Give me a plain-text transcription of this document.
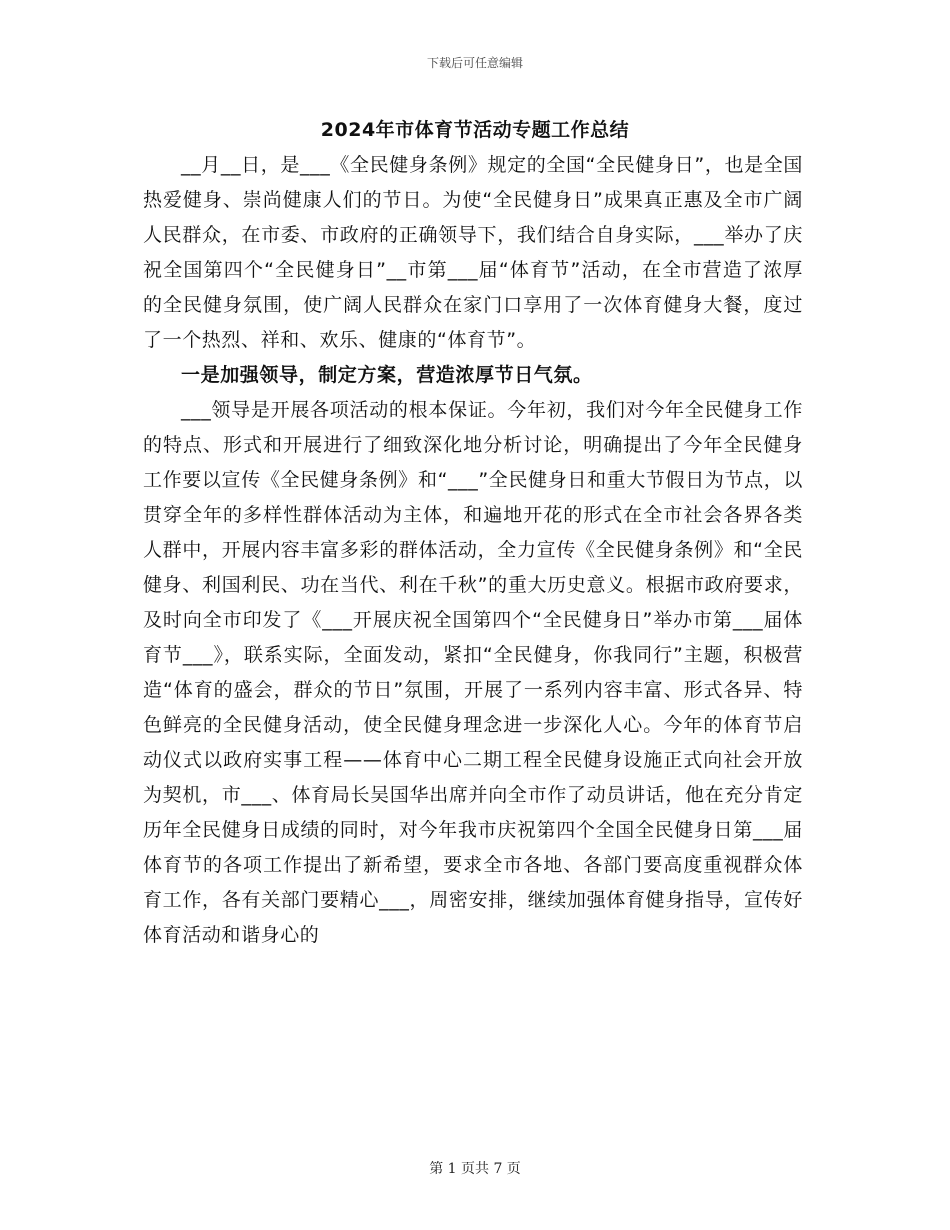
下载后可任意编辑
2024年市体育节活动专题工作总结

__月__日，是___《全民健身条例》规定的全国“全民健身日”，也是全国热爱健身、崇尚健康人们的节日。为使“全民健身日”成果真正惠及全市广阔人民群众，在市委、市政府的正确领导下，我们结合自身实际，___举办了庆祝全国第四个“全民健身日”__市第___届“体育节”活动，在全市营造了浓厚的全民健身氛围，使广阔人民群众在家门口享用了一次体育健身大餐，度过了一个热烈、祥和、欢乐、健康的“体育节”。

一是加强领导，制定方案，营造浓厚节日气氛。

___领导是开展各项活动的根本保证。今年初，我们对今年全民健身工作的特点、形式和开展进行了细致深化地分析讨论，明确提出了今年全民健身工作要以宣传《全民健身条例》和“___”全民健身日和重大节假日为节点，以贯穿全年的多样性群体活动为主体，和遍地开花的形式在全市社会各界各类人群中，开展内容丰富多彩的群体活动，全力宣传《全民健身条例》和“全民健身、利国利民、功在当代、利在千秋”的重大历史意义。根据市政府要求，及时向全市印发了《___开展庆祝全国第四个“全民健身日”举办市第___届体育节___》，联系实际，全面发动，紧扣“全民健身，你我同行”主题，积极营造“体育的盛会，群众的节日”氛围，开展了一系列内容丰富、形式各异、特色鲜亮的全民健身活动，使全民健身理念进一步深化人心。今年的体育节启动仪式以政府实事工程——体育中心二期工程全民健身设施正式向社会开放为契机，市___、体育局长吴国华出席并向全市作了动员讲话，他在充分肯定历年全民健身日成绩的同时，对今年我市庆祝第四个全国全民健身日第___届体育节的各项工作提出了新希望，要求全市各地、各部门要高度重视群众体育工作，各有关部门要精心___，周密安排，继续加强体育健身指导，宣传好体育活动和谐身心的

第 1 页共 7 页
